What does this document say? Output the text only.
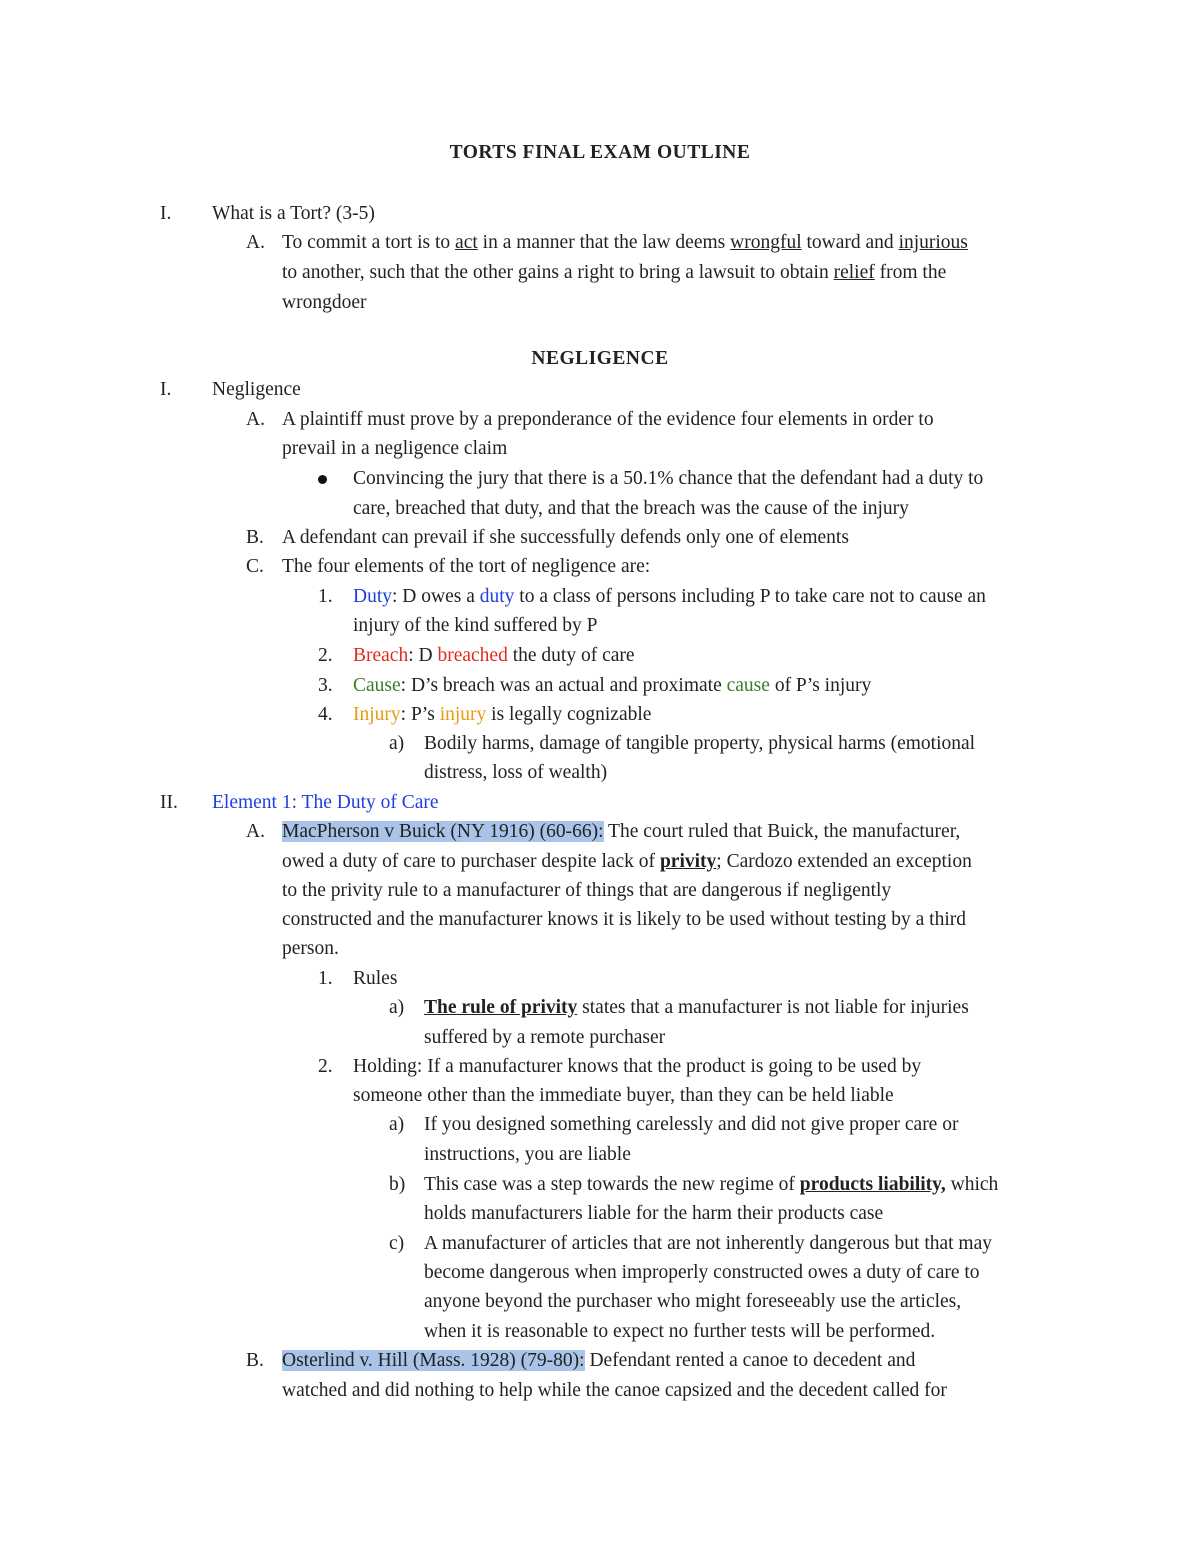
TORTS FINAL EXAM OUTLINE
I. What is a Tort? (3-5)
A. To commit a tort is to act in a manner that the law deems wrongful toward and injurious
to another, such that the other gains a right to bring a lawsuit to obtain relief from the
wrongdoer
NEGLIGENCE
I. Negligence
A. A plaintiff must prove by a preponderance of the evidence four elements in order to
prevail in a negligence claim
Convincing the jury that there is a 50.1% chance that the defendant had a duty to
care, breached that duty, and that the breach was the cause of the injury
B. A defendant can prevail if she successfully defends only one of elements
C. The four elements of the tort of negligence are:
1. Duty: D owes a duty to a class of persons including P to take care not to cause an
injury of the kind suffered by P
2. Breach: D breached the duty of care
3. Cause: D’s breach was an actual and proximate cause of P’s injury
4. Injury: P’s injury is legally cognizable
a) Bodily harms, damage of tangible property, physical harms (emotional
distress, loss of wealth)
II. Element 1: The Duty of Care
A. MacPherson v Buick (NY 1916) (60-66): The court ruled that Buick, the manufacturer,
owed a duty of care to purchaser despite lack of privity; Cardozo extended an exception
to the privity rule to a manufacturer of things that are dangerous if negligently
constructed and the manufacturer knows it is likely to be used without testing by a third
person.
1. Rules
a) The rule of privity states that a manufacturer is not liable for injuries
suffered by a remote purchaser
2. Holding: If a manufacturer knows that the product is going to be used by
someone other than the immediate buyer, than they can be held liable
a) If you designed something carelessly and did not give proper care or
instructions, you are liable
b) This case was a step towards the new regime of products liability, which
holds manufacturers liable for the harm their products case
c) A manufacturer of articles that are not inherently dangerous but that may
become dangerous when improperly constructed owes a duty of care to
anyone beyond the purchaser who might foreseeably use the articles,
when it is reasonable to expect no further tests will be performed.
B. Osterlind v. Hill (Mass. 1928) (79-80): Defendant rented a canoe to decedent and
watched and did nothing to help while the canoe capsized and the decedent called for
